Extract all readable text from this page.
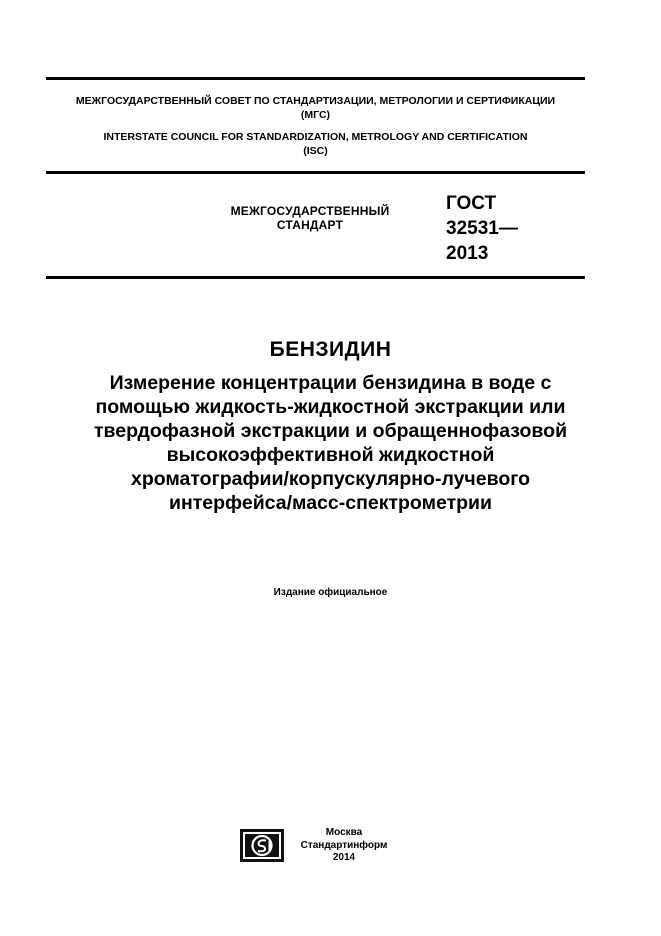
МЕЖГОСУДАРСТВЕННЫЙ СОВЕТ ПО СТАНДАРТИЗАЦИИ, МЕТРОЛОГИИ И СЕРТИФИКАЦИИ
(МГС)
INTERSTATE COUNCIL FOR STANDARDIZATION, METROLOGY AND CERTIFICATION
(ISC)
МЕЖГОСУДАРСТВЕННЫЙ
СТАНДАРТ
ГОСТ
32531—
2013
БЕНЗИДИН
Измерение концентрации бензидина в воде с
помощью жидкость-жидкостной экстракции или
твердофазной экстракции и обращеннофазовой
высокоэффективной жидкостной
хроматографии/корпускулярно-лучевого
интерфейса/масс-спектрометрии
Издание официальное
Москва
Стандартинформ
2014
